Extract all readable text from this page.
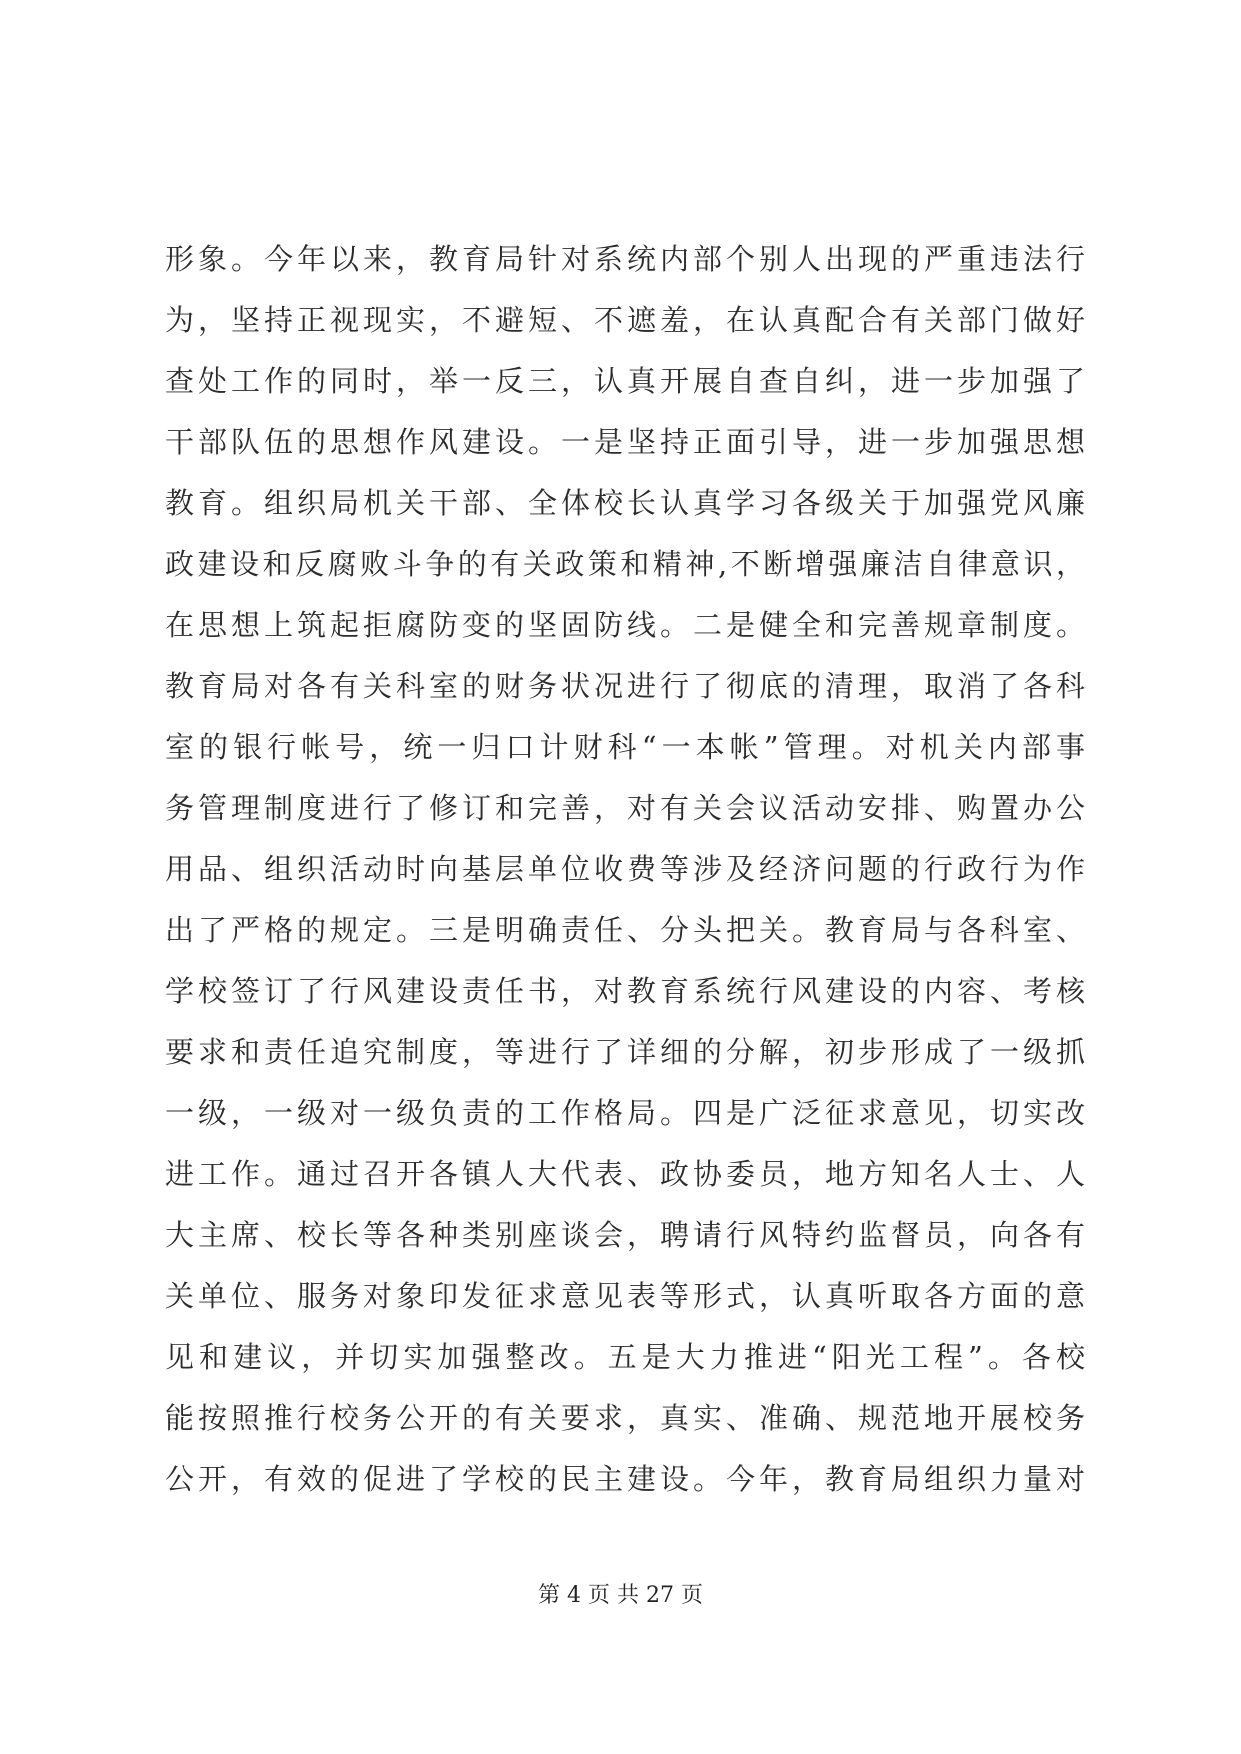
形象。今年以来，教育局针对系统内部个别人出现的严重违法行
为，坚持正视现实，不避短、不遮羞，在认真配合有关部门做好
查处工作的同时，举一反三，认真开展自查自纠，进一步加强了
干部队伍的思想作风建设。一是坚持正面引导，进一步加强思想
教育。组织局机关干部、全体校长认真学习各级关于加强党风廉
政建设和反腐败斗争的有关政策和精神,不断增强廉洁自律意识，
在思想上筑起拒腐防变的坚固防线。二是健全和完善规章制度。
教育局对各有关科室的财务状况进行了彻底的清理，取消了各科
室的银行帐号，统一归口计财科“一本帐”管理。对机关内部事
务管理制度进行了修订和完善，对有关会议活动安排、购置办公
用品、组织活动时向基层单位收费等涉及经济问题的行政行为作
出了严格的规定。三是明确责任、分头把关。教育局与各科室、
学校签订了行风建设责任书，对教育系统行风建设的内容、考核
要求和责任追究制度，等进行了详细的分解，初步形成了一级抓
一级，一级对一级负责的工作格局。四是广泛征求意见，切实改
进工作。通过召开各镇人大代表、政协委员，地方知名人士、人
大主席、校长等各种类别座谈会，聘请行风特约监督员，向各有
关单位、服务对象印发征求意见表等形式，认真听取各方面的意
见和建议，并切实加强整改。五是大力推进“阳光工程”。各校
能按照推行校务公开的有关要求，真实、准确、规范地开展校务
公开，有效的促进了学校的民主建设。今年，教育局组织力量对
第 4 页 共 27 页
